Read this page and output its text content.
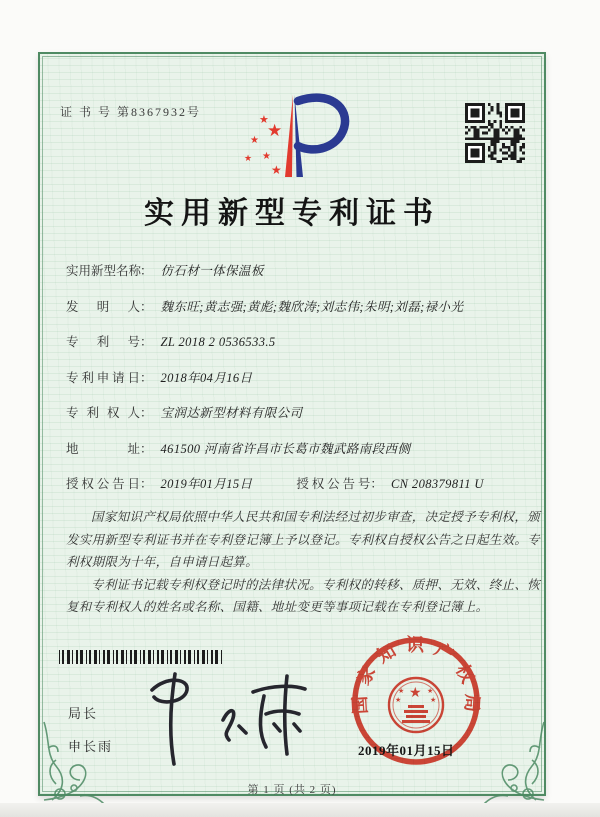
证 书 号 第8367932号
★
★ ★
★ ★
★
实用新型专利证书
实用新型名称
： 仿石材一体保温板
发明人 ： 魏东旺;黄志强;黄彪;魏欣涛;刘志伟;朱明;刘磊;禄小光
专利号 ： ZL 2018 2 0536533.5
专利申请日 ： 2018年04月16日
专利权人 ： 宝润达新型材料有限公司
地址 ： 461500 河南省许昌市长葛市魏武路南段西侧
授权公告日 ： 2019年01月15日	授权公告号 ： CN 208379811 U

国家知识产权局依照中华人民共和国专利法经过初步审查，决定授予专利权，颁发实用新型专利证书并在专利登记簿上予以登记。专利权自授权公告之日起生效。专利权期限为十年，自申请日起算。

专利证书记载专利权登记时的法律状况。专利权的转移、质押、无效、终止、恢复和专利权人的姓名或名称、国籍、地址变更等事项记载在专利登记簿上。

局长
申长雨
国家知识产权局
★
★	★
★	★
2019年01月15日
第 1 页 (共 2 页)
